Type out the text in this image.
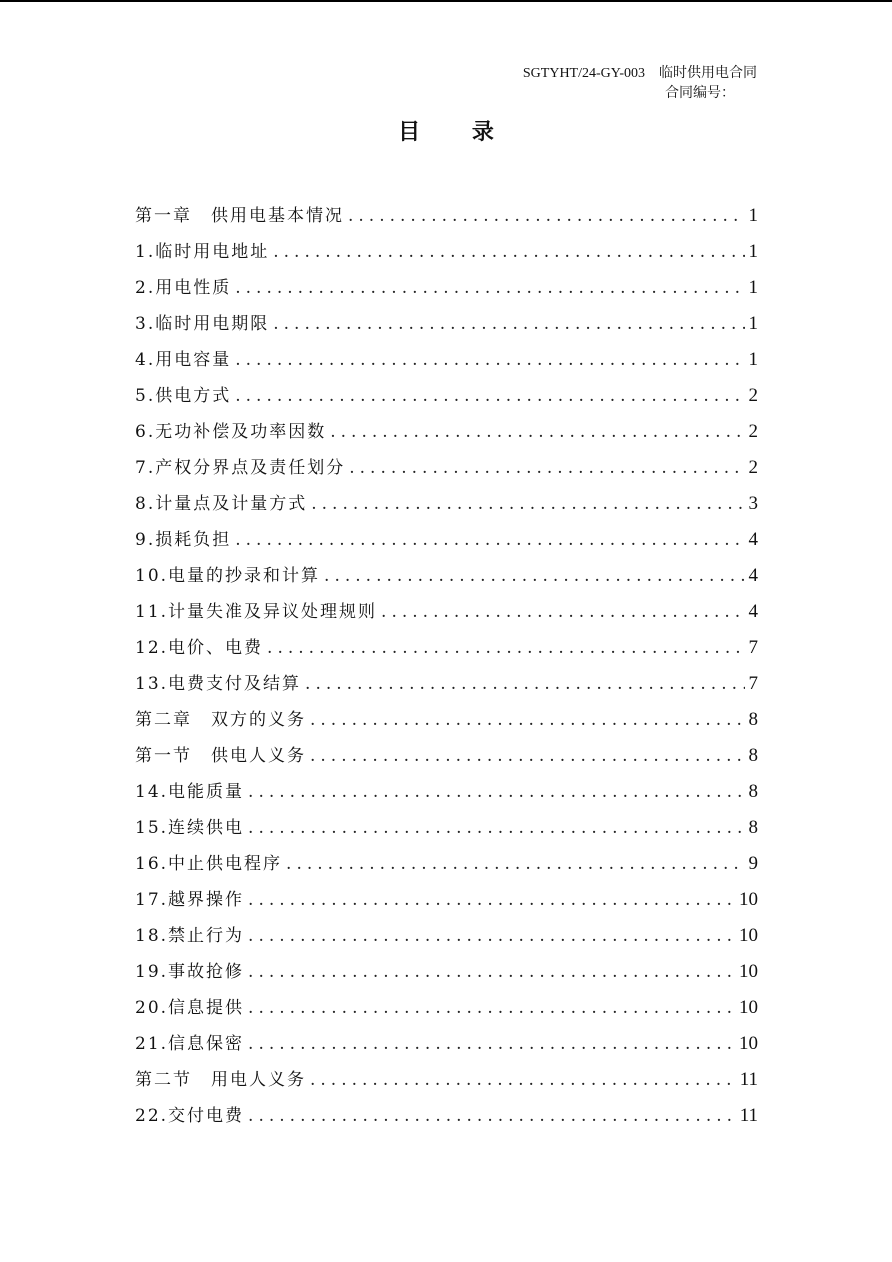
SGTYHT/24-GY-003 临时供用电合同
合同编号：
目 录
第一章　供用电基本情况 .....	1
1.临时用电地址 .....	1
2.用电性质 .....	1
3.临时用电期限 .....	1
4.用电容量 .....	1
5.供电方式 .....	2
6.无功补偿及功率因数 .....	2
7.产权分界点及责任划分 .....	2
8.计量点及计量方式 .....	3
9.损耗负担 .....	4
10.电量的抄录和计算 .....	4
11.计量失准及异议处理规则 .....	4
12.电价、电费 .....	7
13.电费支付及结算 .....	7
第二章　双方的义务 .....	8
第一节　供电人义务 .....	8
14.电能质量 .....	8
15.连续供电 .....	8
16.中止供电程序 .....	9
17.越界操作 .....	10
18.禁止行为 .....	10
19.事故抢修 .....	10
20.信息提供 .....	10
21.信息保密 .....	10
第二节　用电人义务 .....	11
22.交付电费 .....	11
